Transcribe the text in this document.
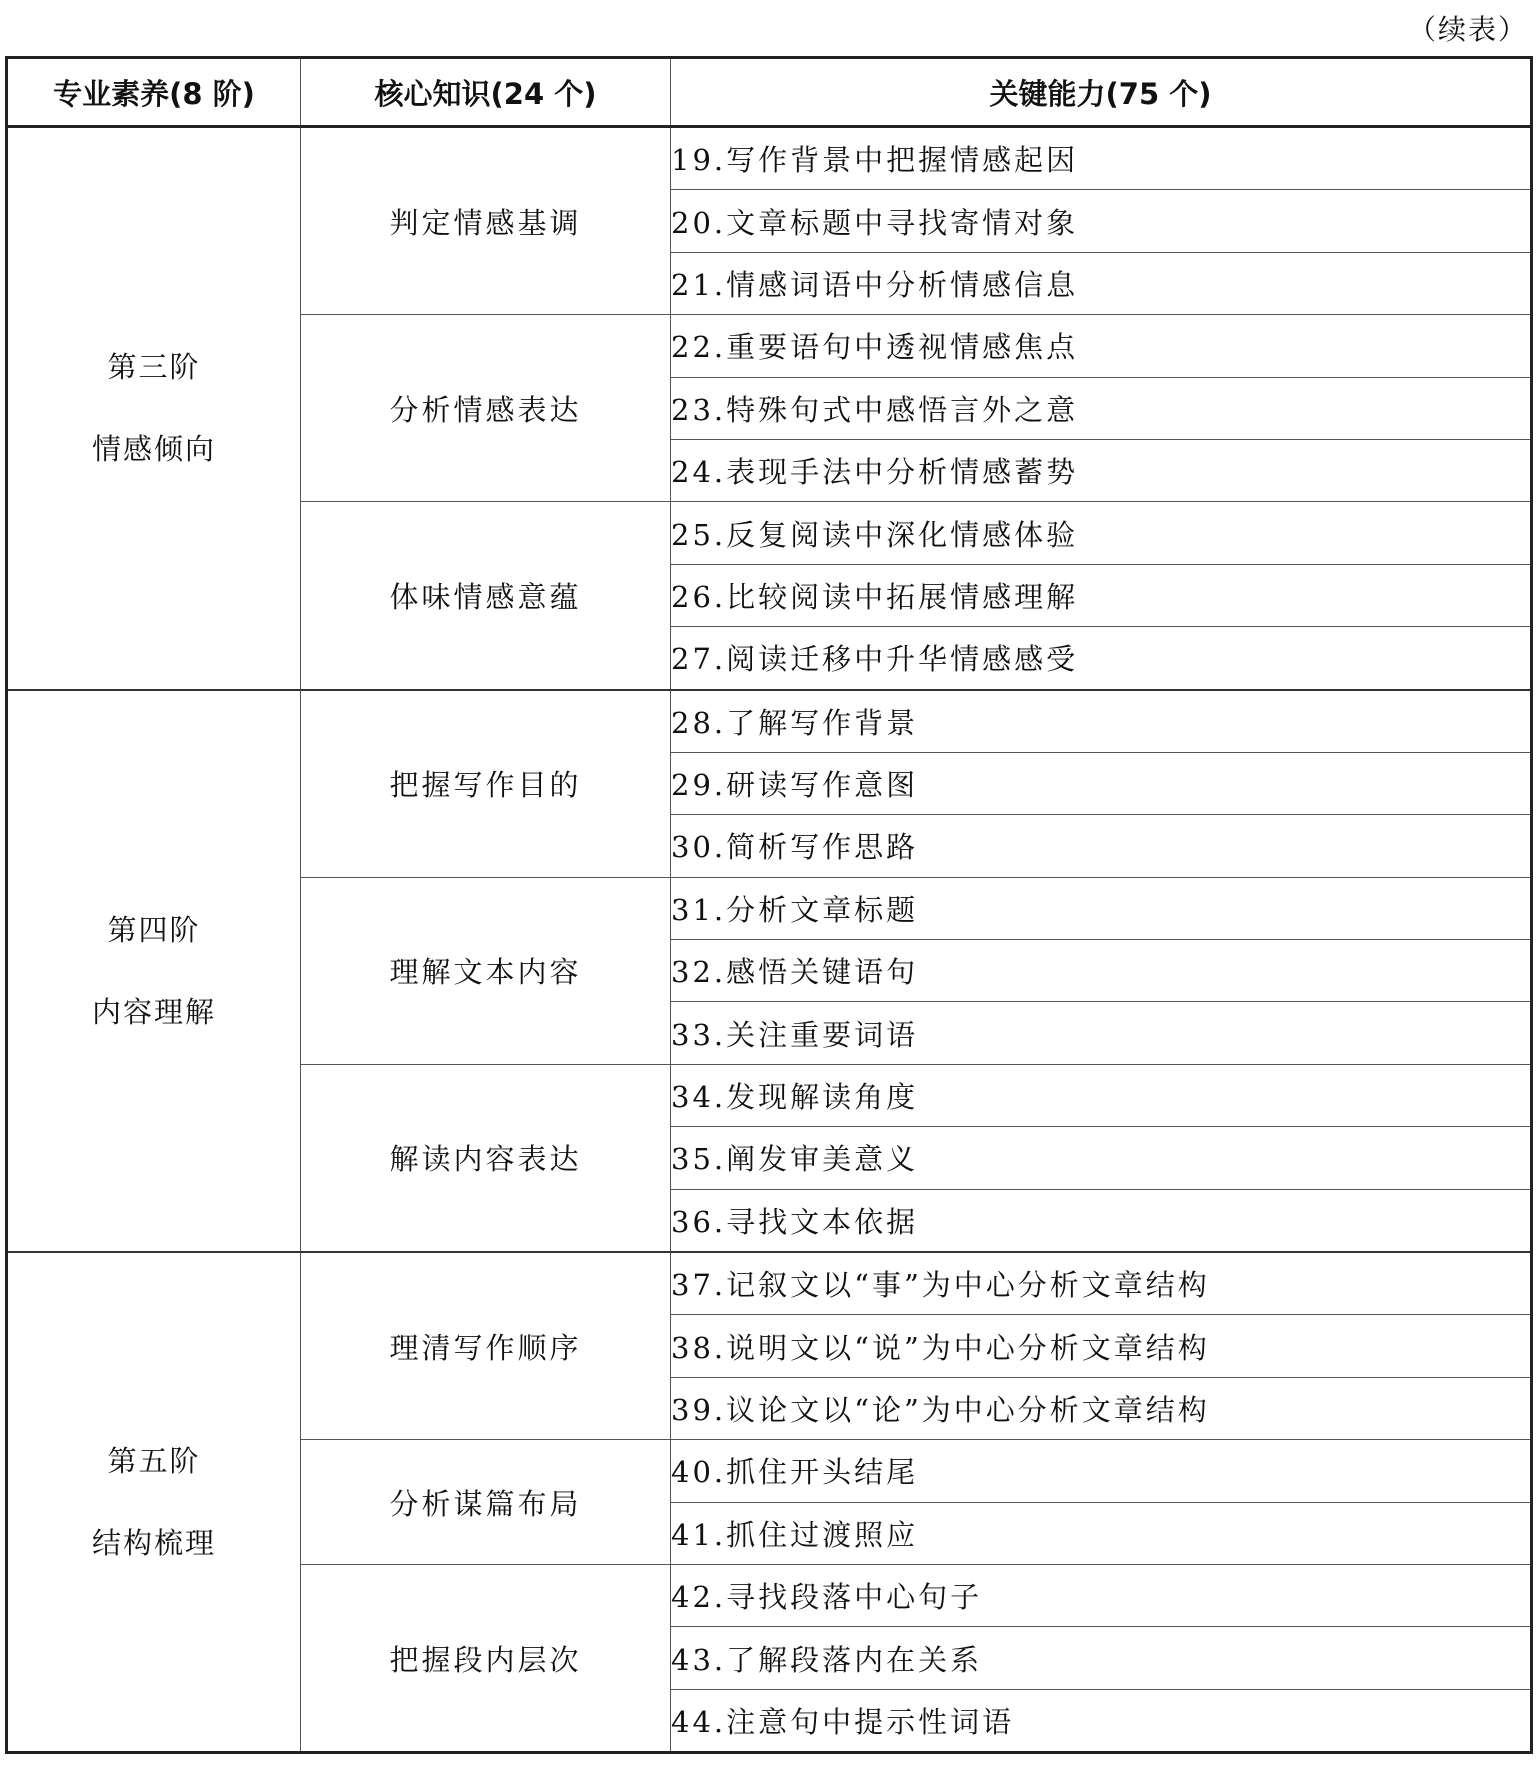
（续表）
专业素养(8 阶)	核心知识(24 个)	关键能力(75 个)

第三阶
情感倾向	判定情感基调	19.写作背景中把握情感起因
		20.文章标题中寻找寄情对象
		21.情感词语中分析情感信息
	分析情感表达	22.重要语句中透视情感焦点
		23.特殊句式中感悟言外之意
		24.表现手法中分析情感蓄势
	体味情感意蕴	25.反复阅读中深化情感体验
		26.比较阅读中拓展情感理解
		27.阅读迁移中升华情感感受

第四阶
内容理解	把握写作目的	28.了解写作背景
		29.研读写作意图
		30.简析写作思路
	理解文本内容	31.分析文章标题
		32.感悟关键语句
		33.关注重要词语
	解读内容表达	34.发现解读角度
		35.阐发审美意义
		36.寻找文本依据

第五阶
结构梳理	理清写作顺序	37.记叙文以“事”为中心分析文章结构
		38.说明文以“说”为中心分析文章结构
		39.议论文以“论”为中心分析文章结构
	分析谋篇布局	40.抓住开头结尾
		41.抓住过渡照应
	把握段内层次	42.寻找段落中心句子
		43.了解段落内在关系
		44.注意句中提示性词语
